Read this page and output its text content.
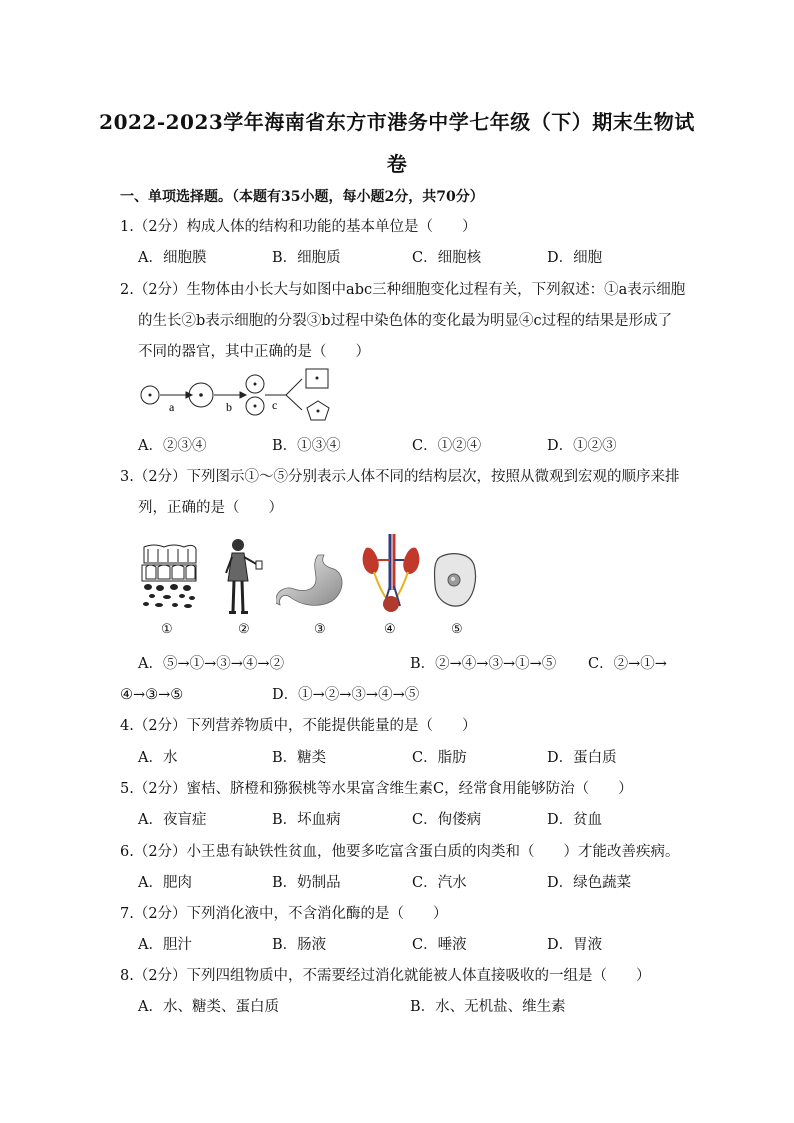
2022-2023学年海南省东方市港务中学七年级（下）期末生物试
卷
一、单项选择题。（本题有35小题，每小题2分，共70分）
1.（2分）构成人体的结构和功能的基本单位是（　　）
A．细胞膜	B．细胞质	C．细胞核	D．细胞
2.（2分）生物体由小长大与如图中abc三种细胞变化过程有关，下列叙述：①a表示细胞
的生长②b表示细胞的分裂③b过程中染色体的变化最为明显④c过程的结果是形成了
不同的器官，其中正确的是（　　）
a	b	c
A．②③④	B．①③④	C．①②④	D．①②③
3.（2分）下列图示①～⑤分别表示人体不同的结构层次，按照从微观到宏观的顺序来排
列，正确的是（　　）
①	②	③	④	⑤
A．⑤→①→③→④→②	B．②→④→③→①→⑤ C．②→①→
④→③→⑤	D．①→②→③→④→⑤
4.（2分）下列营养物质中，不能提供能量的是（　　）
A．水	B．糖类	C．脂肪	D．蛋白质
5.（2分）蜜桔、脐橙和猕猴桃等水果富含维生素C，经常食用能够防治（　　）
A．夜盲症	B．坏血病	C．佝偻病	D．贫血
6.（2分）小王患有缺铁性贫血，他要多吃富含蛋白质的肉类和（　　）才能改善疾病。
A．肥肉	B．奶制品	C．汽水	D．绿色蔬菜
7.（2分）下列消化液中，不含消化酶的是（　　）
A．胆汁	B．肠液	C．唾液	D．胃液
8.（2分）下列四组物质中，不需要经过消化就能被人体直接吸收的一组是（　　）
A．水、糖类、蛋白质	B．水、无机盐、维生素
